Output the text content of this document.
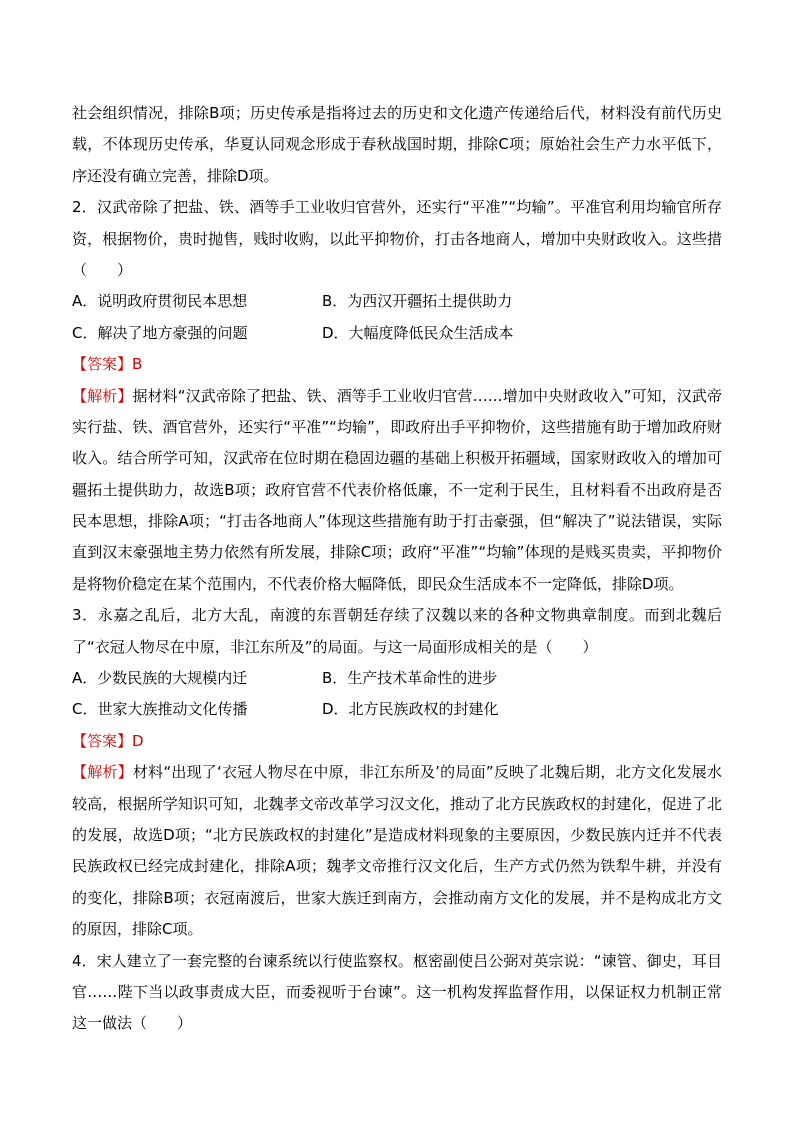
社会组织情况，排除B项；历史传承是指将过去的历史和文化遗产传递给后代，材料没有前代历史
载，不体现历史传承，华夏认同观念形成于春秋战国时期，排除C项；原始社会生产力水平低下，
序还没有确立完善，排除D项。
2．汉武帝除了把盐、铁、酒等手工业收归官营外，还实行“平准”“均输”。平准官利用均输官所存
资，根据物价，贵时抛售，贱时收购，以此平抑物价，打击各地商人，增加中央财政收入。这些措
（　　）
A．说明政府贯彻民本思想	B．为西汉开疆拓土提供助力
C．解决了地方豪强的问题	D．大幅度降低民众生活成本
【答案】B
【解析】据材料“汉武帝除了把盐、铁、酒等手工业收归官营……增加中央财政收入”可知，汉武帝
实行盐、铁、酒官营外，还实行“平准”“均输”，即政府出手平抑物价，这些措施有助于增加政府财
收入。结合所学可知，汉武帝在位时期在稳固边疆的基础上积极开拓疆域，国家财政收入的增加可
疆拓土提供助力，故选B项；政府官营不代表价格低廉，不一定利于民生，且材料看不出政府是否
民本思想，排除A项；“打击各地商人”体现这些措施有助于打击豪强，但“解决了”说法错误，实际
直到汉末豪强地主势力依然有所发展，排除C项；政府“平准”“均输”体现的是贱买贵卖，平抑物价
是将物价稳定在某个范围内，不代表价格大幅降低，即民众生活成本不一定降低，排除D项。
3．永嘉之乱后，北方大乱，南渡的东晋朝廷存续了汉魏以来的各种文物典章制度。而到北魏后
了“衣冠人物尽在中原，非江东所及”的局面。与这一局面形成相关的是（　　）
A．少数民族的大规模内迁	B．生产技术革命性的进步
C．世家大族推动文化传播	D．北方民族政权的封建化
【答案】D
【解析】材料“出现了‘衣冠人物尽在中原，非江东所及’的局面”反映了北魏后期，北方文化发展水
较高，根据所学知识可知，北魏孝文帝改革学习汉文化，推动了北方民族政权的封建化，促进了北
的发展，故选D项；“北方民族政权的封建化”是造成材料现象的主要原因，少数民族内迁并不代表
民族政权已经完成封建化，排除A项；魏孝文帝推行汉文化后，生产方式仍然为铁犁牛耕，并没有
的变化，排除B项；衣冠南渡后，世家大族迁到南方，会推动南方文化的发展，并不是构成北方文
的原因，排除C项。
4．宋人建立了一套完整的台谏系统以行使监察权。枢密副使吕公弼对英宗说：“谏管、御史，耳目
官……陛下当以政事责成大臣，而委视听于台谏”。这一机构发挥监督作用，以保证权力机制正常
这一做法（　　）
